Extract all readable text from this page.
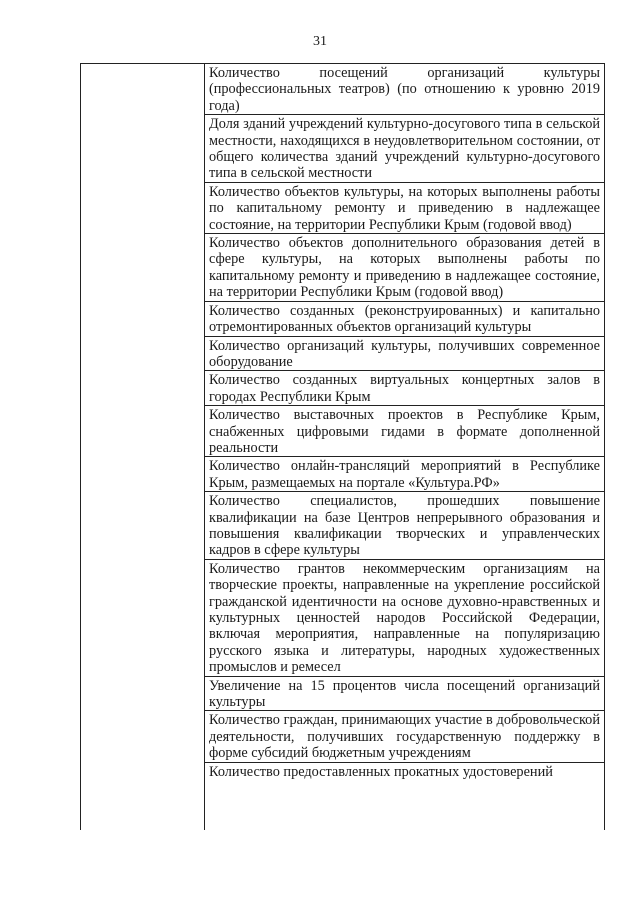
31
Количество посещений организаций культуры (профессиональных театров) (по отношению к уровню 2019 года)
Доля зданий учреждений культурно-досугового типа в сельской местности, находящихся в неудовлетворительном состоянии, от общего количества зданий учреждений культурно-досугового типа в сельской местности
Количество объектов культуры, на которых выполнены работы по капитальному ремонту и приведению в надлежащее состояние, на территории Республики Крым (годовой ввод)
Количество объектов дополнительного образования детей в сфере культуры, на которых выполнены работы по капитальному ремонту и приведению в надлежащее состояние, на территории Республики Крым (годовой ввод)
Количество созданных (реконструированных) и капитально отремонтированных объектов организаций культуры
Количество организаций культуры, получивших современное оборудование
Количество созданных виртуальных концертных залов в городах Республики Крым
Количество выставочных проектов в Республике Крым, снабженных цифровыми гидами в формате дополненной реальности
Количество онлайн-трансляций мероприятий в Республике Крым, размещаемых на портале «Культура.РФ»
Количество специалистов, прошедших повышение квалификации на базе Центров непрерывного образования и повышения квалификации творческих и управленческих кадров в сфере культуры
Количество грантов некоммерческим организациям на творческие проекты, направленные на укрепление российской гражданской идентичности на основе духовно-нравственных и культурных ценностей народов Российской Федерации, включая мероприятия, направленные на популяризацию русского языка и литературы, народных художественных промыслов и ремесел
Увеличение на 15 процентов числа посещений организаций культуры
Количество граждан, принимающих участие в добровольческой деятельности, получивших государственную поддержку в форме субсидий бюджетным учреждениям
Количество предоставленных прокатных удостоверений
